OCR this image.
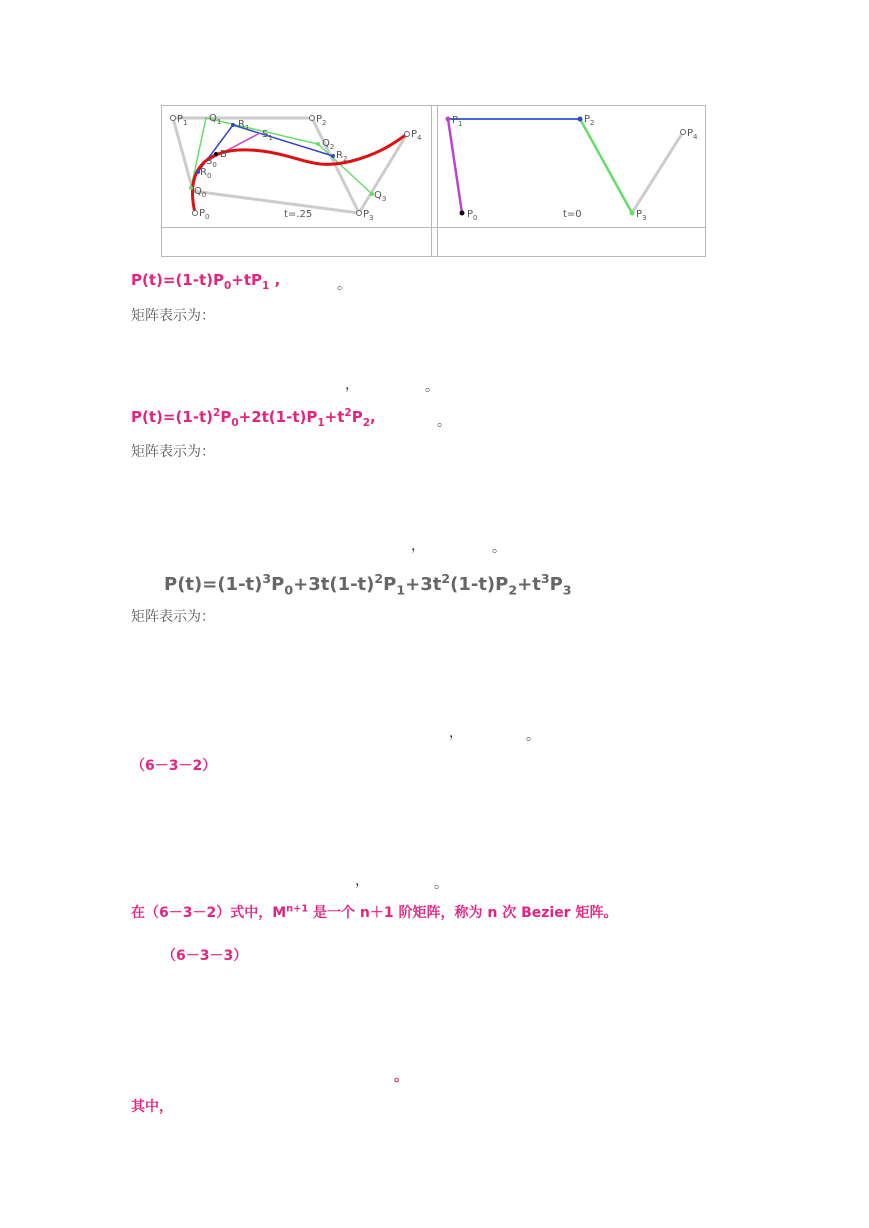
$P_1$ $Q_1$ $R_1$
$S_1$
$P_2$
$Q_2$
$R_2$
$P_4$
B
$S_0$
$R_0$
$Q_0$	$Q_3$
$P_0$	$P_3$
t=.25
$P_1$	$P_2$
$P_4$
$P_0$	t=0	$P_3$
$P(t)=(1-t)P_0+tP_1$ ,	。
矩阵表示为：
，	。
$P(t)=(1-t)^2P_0+2t(1-t)P_1+t^2P_2$,	。
矩阵表示为：
，	。
$P(t)=(1-t)^3P_0+3t(1-t)^2P_1+3t^2(1-t)P_2+t^3P_3$
矩阵表示为：
，	。
（6－3－2）
，	。
在（6－3－2）式中，$M^{n+1}$ 是一个 n＋1 阶矩阵，称为 n 次 Bezier 矩阵。
（6－3－3）
。
其中，
